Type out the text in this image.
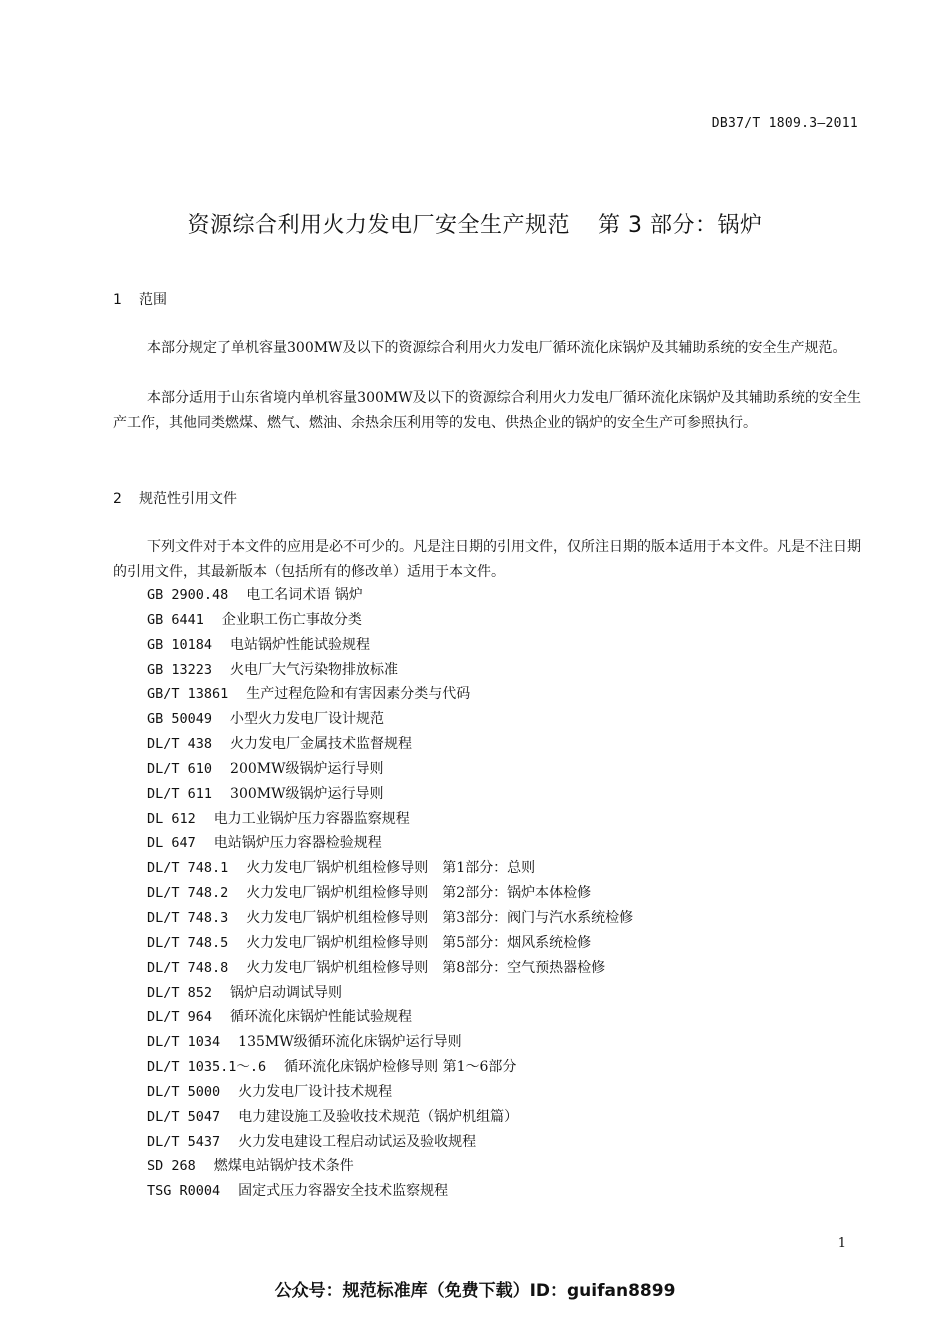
DB37/T 1809.3—2011
资源综合利用火力发电厂安全生产规范 第 3 部分：锅炉
1 范围

本部分规定了单机容量300MW及以下的资源综合利用火力发电厂循环流化床锅炉及其辅助系统的安全生产规范。

本部分适用于山东省境内单机容量300MW及以下的资源综合利用火力发电厂循环流化床锅炉及其辅助系统的安全生产工作，其他同类燃煤、燃气、燃油、余热余压利用等的发电、供热企业的锅炉的安全生产可参照执行。

2 规范性引用文件

下列文件对于本文件的应用是必不可少的。凡是注日期的引用文件，仅所注日期的版本适用于本文件。凡是不注日期的引用文件，其最新版本（包括所有的修改单）适用于本文件。

GB 2900.48 电工名词术语 锅炉
GB 6441 企业职工伤亡事故分类
GB 10184 电站锅炉性能试验规程
GB 13223 火电厂大气污染物排放标准
GB/T 13861 生产过程危险和有害因素分类与代码
GB 50049 小型火力发电厂设计规范
DL/T 438 火力发电厂金属技术监督规程
DL/T 610 200MW级锅炉运行导则
DL/T 611 300MW级锅炉运行导则
DL 612 电力工业锅炉压力容器监察规程
DL 647 电站锅炉压力容器检验规程
DL/T 748.1 火力发电厂锅炉机组检修导则　第1部分：总则
DL/T 748.2 火力发电厂锅炉机组检修导则　第2部分：锅炉本体检修
DL/T 748.3 火力发电厂锅炉机组检修导则　第3部分：阀门与汽水系统检修
DL/T 748.5 火力发电厂锅炉机组检修导则　第5部分：烟风系统检修
DL/T 748.8 火力发电厂锅炉机组检修导则　第8部分：空气预热器检修
DL/T 852 锅炉启动调试导则
DL/T 964 循环流化床锅炉性能试验规程
DL/T 1034 135MW级循环流化床锅炉运行导则
DL/T 1035.1～.6 循环流化床锅炉检修导则 第1～6部分
DL/T 5000 火力发电厂设计技术规程
DL/T 5047 电力建设施工及验收技术规范（锅炉机组篇）
DL/T 5437 火力发电建设工程启动试运及验收规程
SD 268 燃煤电站锅炉技术条件
TSG R0004 固定式压力容器安全技术监察规程
1
公众号：规范标准库（免费下载）ID：guifan8899
